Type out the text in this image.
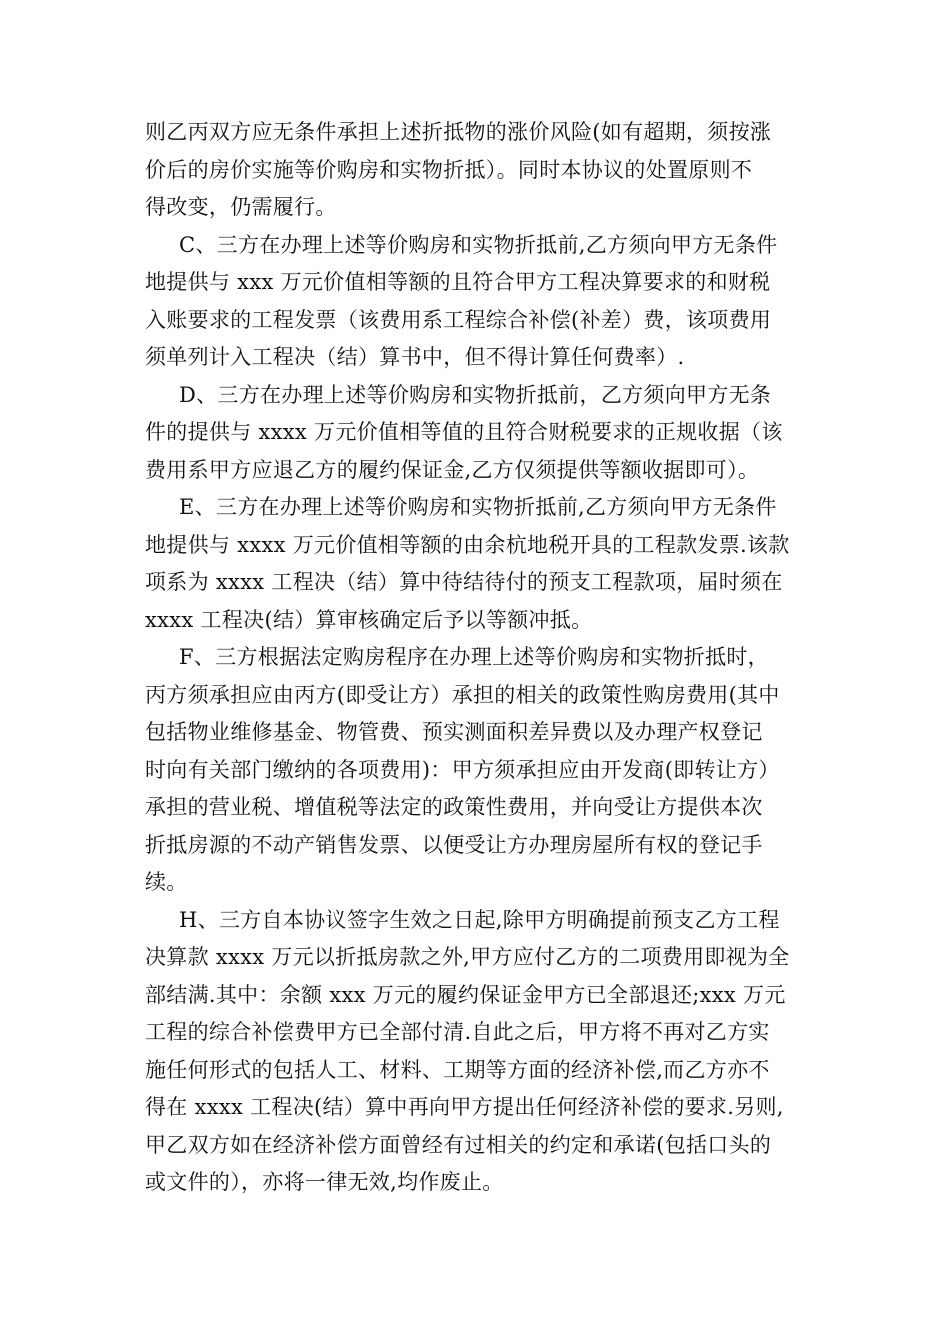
则乙丙双方应无条件承担上述折抵物的涨价风险(如有超期，须按涨
价后的房价实施等价购房和实物折抵）。同时本协议的处置原则不
得改变，仍需履行。
C、三方在办理上述等价购房和实物折抵前,乙方须向甲方无条件
地提供与 xxx 万元价值相等额的且符合甲方工程决算要求的和财税
入账要求的工程发票（该费用系工程综合补偿(补差）费，该项费用
须单列计入工程决（结）算书中，但不得计算任何费率）.
D、三方在办理上述等价购房和实物折抵前，乙方须向甲方无条
件的提供与 xxxx 万元价值相等值的且符合财税要求的正规收据（该
费用系甲方应退乙方的履约保证金,乙方仅须提供等额收据即可）。
E、三方在办理上述等价购房和实物折抵前,乙方须向甲方无条件
地提供与 xxxx 万元价值相等额的由余杭地税开具的工程款发票.该款
项系为 xxxx 工程决（结）算中待结待付的预支工程款项，届时须在
xxxx 工程决(结）算审核确定后予以等额冲抵。
F、三方根据法定购房程序在办理上述等价购房和实物折抵时，
丙方须承担应由丙方(即受让方）承担的相关的政策性购房费用(其中
包括物业维修基金、物管费、预实测面积差异费以及办理产权登记
时向有关部门缴纳的各项费用)：甲方须承担应由开发商(即转让方）
承担的营业税、增值税等法定的政策性费用，并向受让方提供本次
折抵房源的不动产销售发票、以便受让方办理房屋所有权的登记手
续。
H、三方自本协议签字生效之日起,除甲方明确提前预支乙方工程
决算款 xxxx 万元以折抵房款之外,甲方应付乙方的二项费用即视为全
部结满.其中：余额 xxx 万元的履约保证金甲方已全部退还;xxx 万元
工程的综合补偿费甲方已全部付清.自此之后，甲方将不再对乙方实
施任何形式的包括人工、材料、工期等方面的经济补偿,而乙方亦不
得在 xxxx 工程决(结）算中再向甲方提出任何经济补偿的要求.另则,
甲乙双方如在经济补偿方面曾经有过相关的约定和承诺(包括口头的
或文件的），亦将一律无效,均作废止。
